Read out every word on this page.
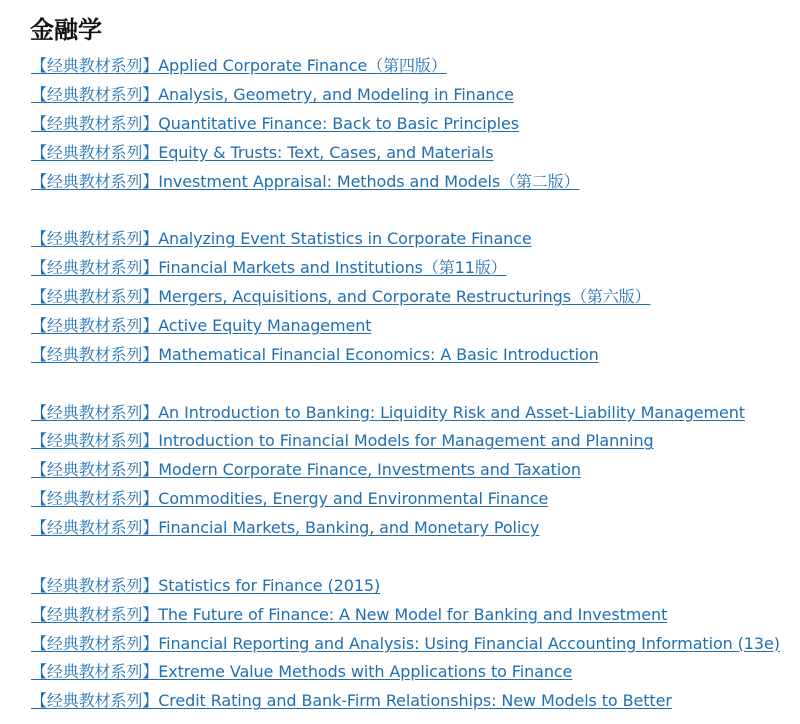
金融学
【经典教材系列】Applied Corporate Finance（第四版）
【经典教材系列】Analysis, Geometry, and Modeling in Finance
【经典教材系列】Quantitative Finance: Back to Basic Principles
【经典教材系列】Equity & Trusts: Text, Cases, and Materials
【经典教材系列】Investment Appraisal: Methods and Models（第二版）
【经典教材系列】Analyzing Event Statistics in Corporate Finance
【经典教材系列】Financial Markets and Institutions（第11版）
【经典教材系列】Mergers, Acquisitions, and Corporate Restructurings（第六版）
【经典教材系列】Active Equity Management
【经典教材系列】Mathematical Financial Economics: A Basic Introduction
【经典教材系列】An Introduction to Banking: Liquidity Risk and Asset-Liability Management
【经典教材系列】Introduction to Financial Models for Management and Planning
【经典教材系列】Modern Corporate Finance, Investments and Taxation
【经典教材系列】Commodities, Energy and Environmental Finance
【经典教材系列】Financial Markets, Banking, and Monetary Policy
【经典教材系列】Statistics for Finance (2015)
【经典教材系列】The Future of Finance: A New Model for Banking and Investment
【经典教材系列】Financial Reporting and Analysis: Using Financial Accounting Information (13e)
【经典教材系列】Extreme Value Methods with Applications to Finance
【经典教材系列】Credit Rating and Bank-Firm Relationships: New Models to Better
